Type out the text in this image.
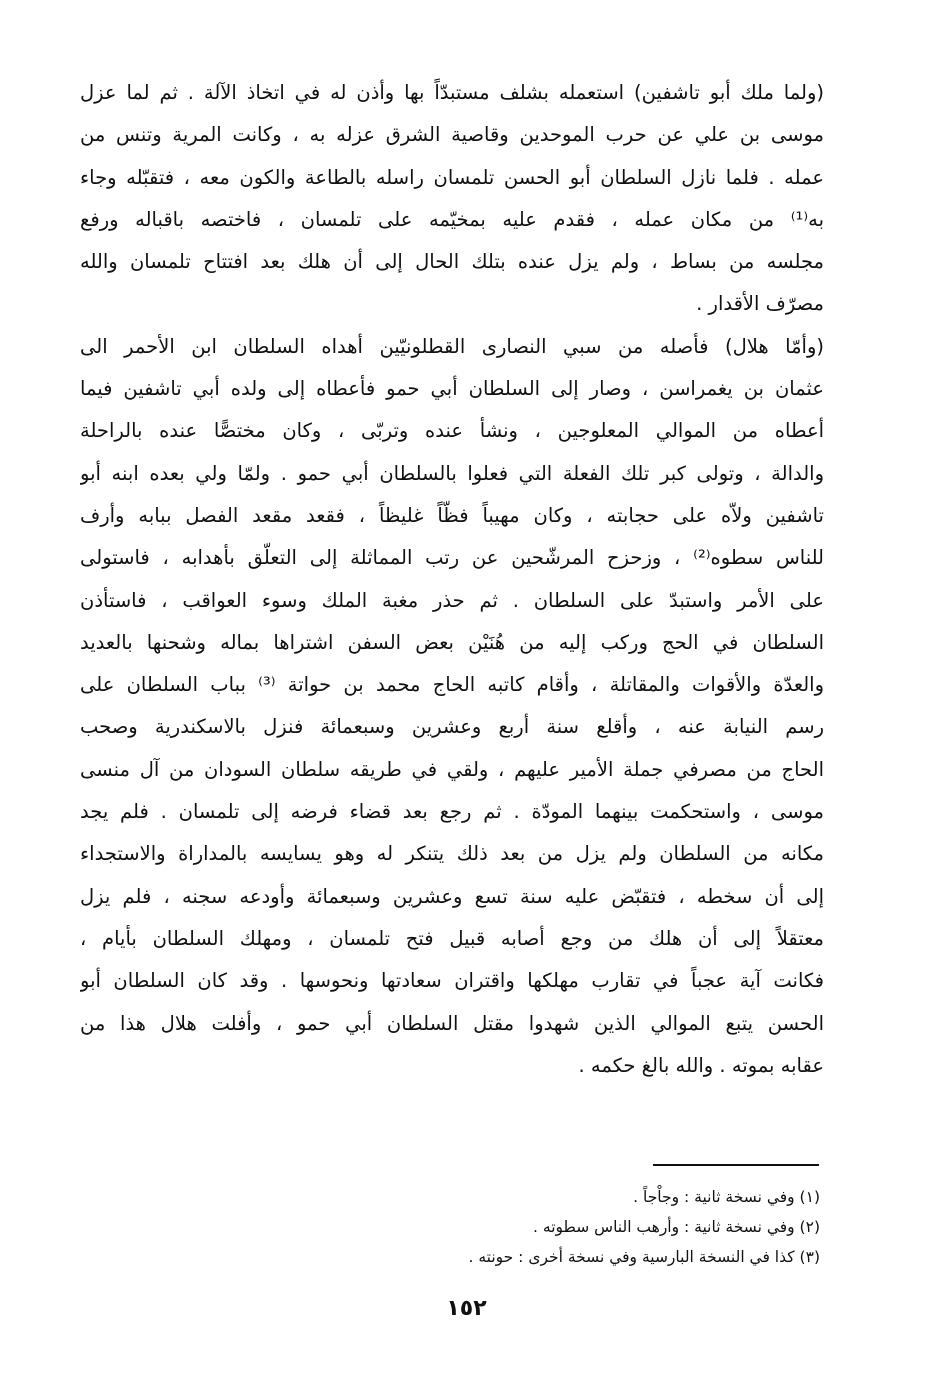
(ولما ملك أبو تاشفين) استعمله بشلف مستبدّاً بها وأذن له في اتخاذ الآلة . ثم لما عزل
موسى بن علي عن حرب الموحدين وقاصية الشرق عزله به ، وكانت المرية وتنس من
عمله . فلما نازل السلطان أبو الحسن تلمسان راسله بالطاعة والكون معه ، فتقبّله وجاء
به⁽¹⁾ من مكان عمله ، فقدم عليه بمخيّمه على تلمسان ، فاختصه باقباله ورفع
مجلسه من بساط ، ولم يزل عنده بتلك الحال إلى أن هلك بعد افتتاح تلمسان والله
مصرّف الأقدار .
(وأمّا هلال) فأصله من سبي النصارى القطلونيّين أهداه السلطان ابن الأحمر الى
عثمان بن يغمراسن ، وصار إلى السلطان أبي حمو فأعطاه إلى ولده أبي تاشفين فيما
أعطاه من الموالي المعلوجين ، ونشأ عنده وتربّى ، وكان مختصًّا عنده بالراحلة
والدالة ، وتولى كبر تلك الفعلة التي فعلوا بالسلطان أبي حمو . ولمّا ولي بعده ابنه أبو
تاشفين ولاّه على حجابته ، وكان مهيباً فظّاً غليظاً ، فقعد مقعد الفصل ببابه وأرف
للناس سطوه⁽²⁾ ، وزحزح المرشّحين عن رتب المماثلة إلى التعلّق بأهدابه ، فاستولى
على الأمر واستبدّ على السلطان . ثم حذر مغبة الملك وسوء العواقب ، فاستأذن
السلطان في الحج وركب إليه من هُنَيْن بعض السفن اشتراها بماله وشحنها بالعديد
والعدّة والأقوات والمقاتلة ، وأقام كاتبه الحاج محمد بن حواتة ⁽³⁾ بباب السلطان على
رسم النيابة عنه ، وأقلع سنة أربع وعشرين وسبعمائة فنزل بالاسكندرية وصحب
الحاج من مصرفي جملة الأمير عليهم ، ولقي في طريقه سلطان السودان من آل منسى
موسى ، واستحكمت بينهما المودّة . ثم رجع بعد قضاء فرضه إلى تلمسان . فلم يجد
مكانه من السلطان ولم يزل من بعد ذلك يتنكر له وهو يسايسه بالمداراة والاستجداء
إلى أن سخطه ، فتقبّض عليه سنة تسع وعشرين وسبعمائة وأودعه سجنه ، فلم يزل
معتقلاً إلى أن هلك من وجع أصابه قبيل فتح تلمسان ، ومهلك السلطان بأيام ،
فكانت آية عجباً في تقارب مهلكها واقتران سعادتها ونحوسها . وقد كان السلطان أبو
الحسن يتبع الموالي الذين شهدوا مقتل السلطان أبي حمو ، وأفلت هلال هذا من
عقابه بموته . والله بالغ حكمه .
(١) وفي نسخة ثانية : وجاْجاً .
(٢) وفي نسخة ثانية : وأرهب الناس سطوته .
(٣) كذا في النسخة البارسية وفي نسخة أخرى : حونته .
١٥٢
